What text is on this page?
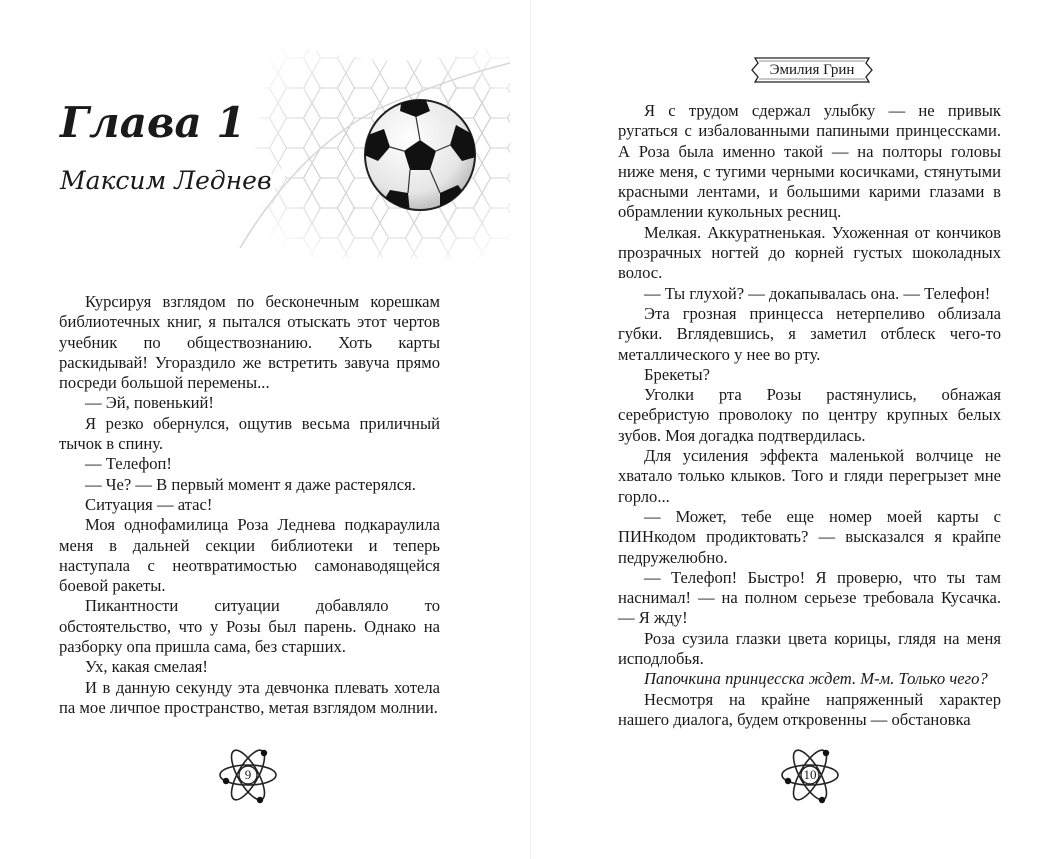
Глава 1
Максим Леднев

Курсируя взглядом по бесконечным корешкам библиотечных книг, я пытался отыскать этот чертов учебник по обществознанию. Хоть карты раскидывай! Угораздило же встретить завуча прямо посреди большой перемены...

— Эй, повенький!

Я резко обернулся, ощутив весьма приличный тычок в спину.

— Телефоп!

— Че? — В первый момент я даже растерялся.

Ситуация — атас!

Моя однофамилица Роза Леднева подкараулила меня в дальней секции библиотеки и теперь наступала с неотвратимостью самонаводящейся боевой ракеты.

Пикантности ситуации добавляло то обстоятельство, что у Розы был парень. Однако на разборку опа пришла сама, без старших.

Ух, какая смелая!

И в данную секунду эта девчонка плевать хотела па мое личпое пространство, метая взглядом молнии.

9
Эмилия Грин

Я с трудом сдержал улыбку — не привык ругаться с избалованными папиными принцессками. А Роза была именно такой — на полторы головы ниже меня, с тугими черными косичками, стянутыми красными лентами, и большими карими глазами в обрамлении кукольных ресниц.

Мелкая. Аккуратненькая. Ухоженная от кончиков прозрачных ногтей до корней густых шоколадных волос.

— Ты глухой? — докапывалась она. — Телефон!

Эта грозная принцесса нетерпеливо облизала губки. Вглядевшись, я заметил отблеск чего-то металлического у нее во рту.

Брекеты?

Уголки рта Розы растянулись, обнажая серебристую проволоку по центру крупных белых зубов. Моя догадка подтвердилась.

Для усиления эффекта маленькой волчице не хватало только клыков. Того и гляди перегрызет мне горло...

— Может, тебе еще номер моей карты с ПИНкодом продиктовать? — высказался я крайпе педружелюбно.

— Телефоп! Быстро! Я проверю, что ты там наснимал! — на полном серьезе требовала Кусачка. — Я жду!

Роза сузила глазки цвета корицы, глядя на меня исподлобья.

Папочкина принцесска ждет. М-м. Только чего?

Несмотря на крайне напряженный характер нашего диалога, будем откровенны — обстановка

10
